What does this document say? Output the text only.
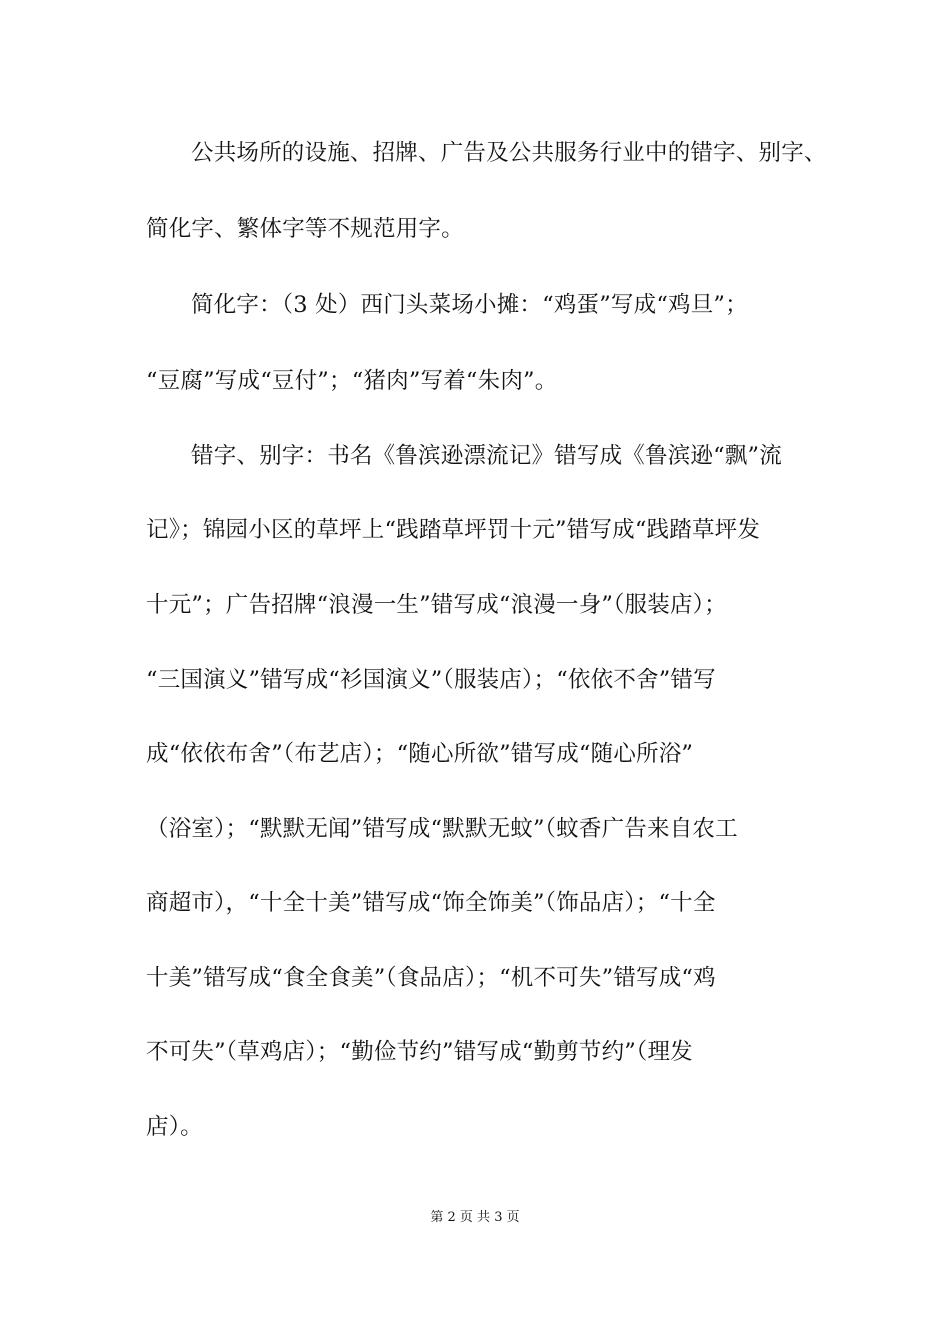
公共场所的设施、招牌、广告及公共服务行业中的错字、别字、
简化字、繁体字等不规范用字。
简化字：（3 处）西门头菜场小摊：“鸡蛋”写成“鸡旦”；
“豆腐”写成“豆付”；“猪肉”写着“朱肉”。
错字、别字：书名《鲁滨逊漂流记》错写成《鲁滨逊“飘”流
记》；锦园小区的草坪上“践踏草坪罚十元”错写成“践踏草坪发
十元”；广告招牌“浪漫一生”错写成“浪漫一身”（服装店）；
“三国演义”错写成“衫国演义”（服装店）；“依依不舍”错写
成“依依布舍”（布艺店）；“随心所欲”错写成“随心所浴”
（浴室）；“默默无闻”错写成“默默无蚊”（蚊香广告来自农工
商超市），“十全十美”错写成“饰全饰美”（饰品店）；“十全
十美”错写成“食全食美”（食品店）；“机不可失”错写成“鸡
不可失”（草鸡店）；“勤俭节约”错写成“勤剪节约”（理发
店）。
第 2 页 共 3 页
